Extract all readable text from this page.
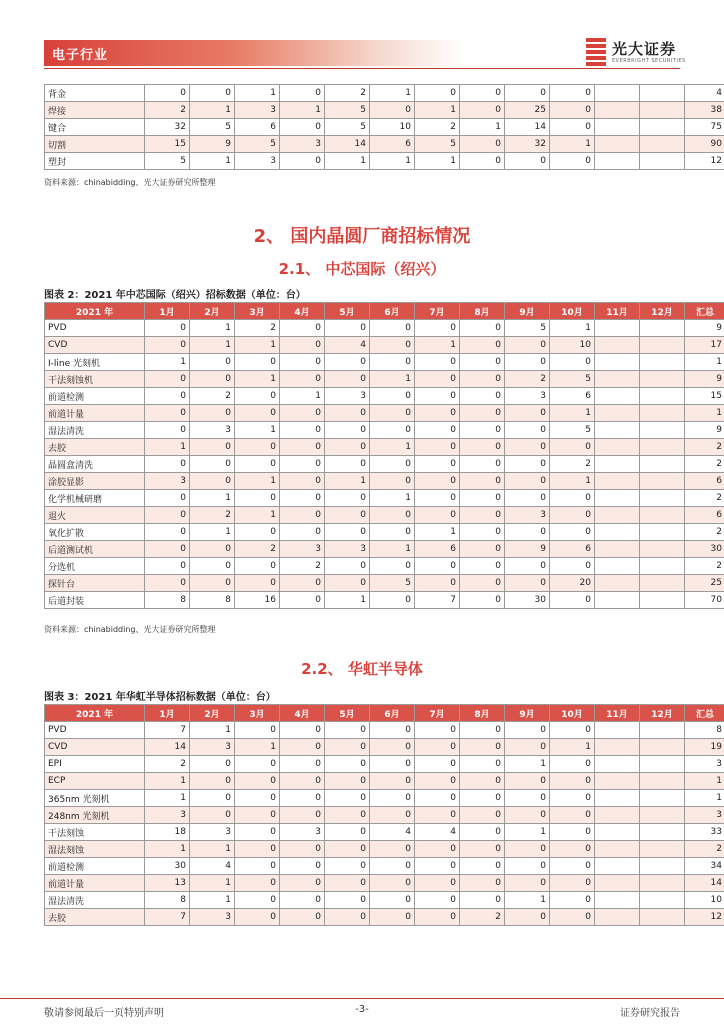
电子行业	光大证券
EVERBRIGHT SECURITIES
背金	0	0	1	0	2	1	0	0	0	0			4
焊接	2	1	3	1	5	0	1	0	25	0			38
键合	32	5	6	0	5	10	2	1	14	0			75
切割	15	9	5	3	14	6	5	0	32	1			90
塑封	5	1	3	0	1	1	1	0	0	0			12
资料来源：chinabidding、光大证券研究所整理
2、 国内晶圆厂商招标情况
2.1、 中芯国际（绍兴）
图表 2：2021 年中芯国际（绍兴）招标数据（单位：台）
2021 年	1月	2月	3月	4月	5月	6月	7月	8月	9月	10月	11月	12月	汇总
PVD	0	1	2	0	0	0	0	0	5	1			9
CVD	0	1	1	0	4	0	1	0	0	10			17
I-line 光刻机	1	0	0	0	0	0	0	0	0	0			1
干法刻蚀机	0	0	1	0	0	1	0	0	2	5			9
前道检测	0	2	0	1	3	0	0	0	3	6			15
前道计量	0	0	0	0	0	0	0	0	0	1			1
湿法清洗	0	3	1	0	0	0	0	0	0	5			9
去胶	1	0	0	0	0	1	0	0	0	0			2
晶圆盒清洗	0	0	0	0	0	0	0	0	0	2			2
涂胶显影	3	0	1	0	1	0	0	0	0	1			6
化学机械研磨	0	1	0	0	0	1	0	0	0	0			2
退火	0	2	1	0	0	0	0	0	3	0			6
氧化扩散	0	1	0	0	0	0	1	0	0	0			2
后道测试机	0	0	2	3	3	1	6	0	9	6			30
分选机	0	0	0	2	0	0	0	0	0	0			2
探针台	0	0	0	0	0	5	0	0	0	20			25
后道封装	8	8	16	0	1	0	7	0	30	0			70
资料来源：chinabidding、光大证券研究所整理
2.2、 华虹半导体
图表 3：2021 年华虹半导体招标数据（单位：台）
2021 年	1月	2月	3月	4月	5月	6月	7月	8月	9月	10月	11月	12月	汇总
PVD	7	1	0	0	0	0	0	0	0	0			8
CVD	14	3	1	0	0	0	0	0	0	1			19
EPI	2	0	0	0	0	0	0	0	1	0			3
ECP	1	0	0	0	0	0	0	0	0	0			1
365nm 光刻机	1	0	0	0	0	0	0	0	0	0			1
248nm 光刻机	3	0	0	0	0	0	0	0	0	0			3
干法刻蚀	18	3	0	3	0	4	4	0	1	0			33
湿法刻蚀	1	1	0	0	0	0	0	0	0	0			2
前道检测	30	4	0	0	0	0	0	0	0	0			34
前道计量	13	1	0	0	0	0	0	0	0	0			14
湿法清洗	8	1	0	0	0	0	0	0	1	0			10
去胶	7	3	0	0	0	0	0	2	0	0			12
敬请参阅最后一页特别声明	-3-	证券研究报告
